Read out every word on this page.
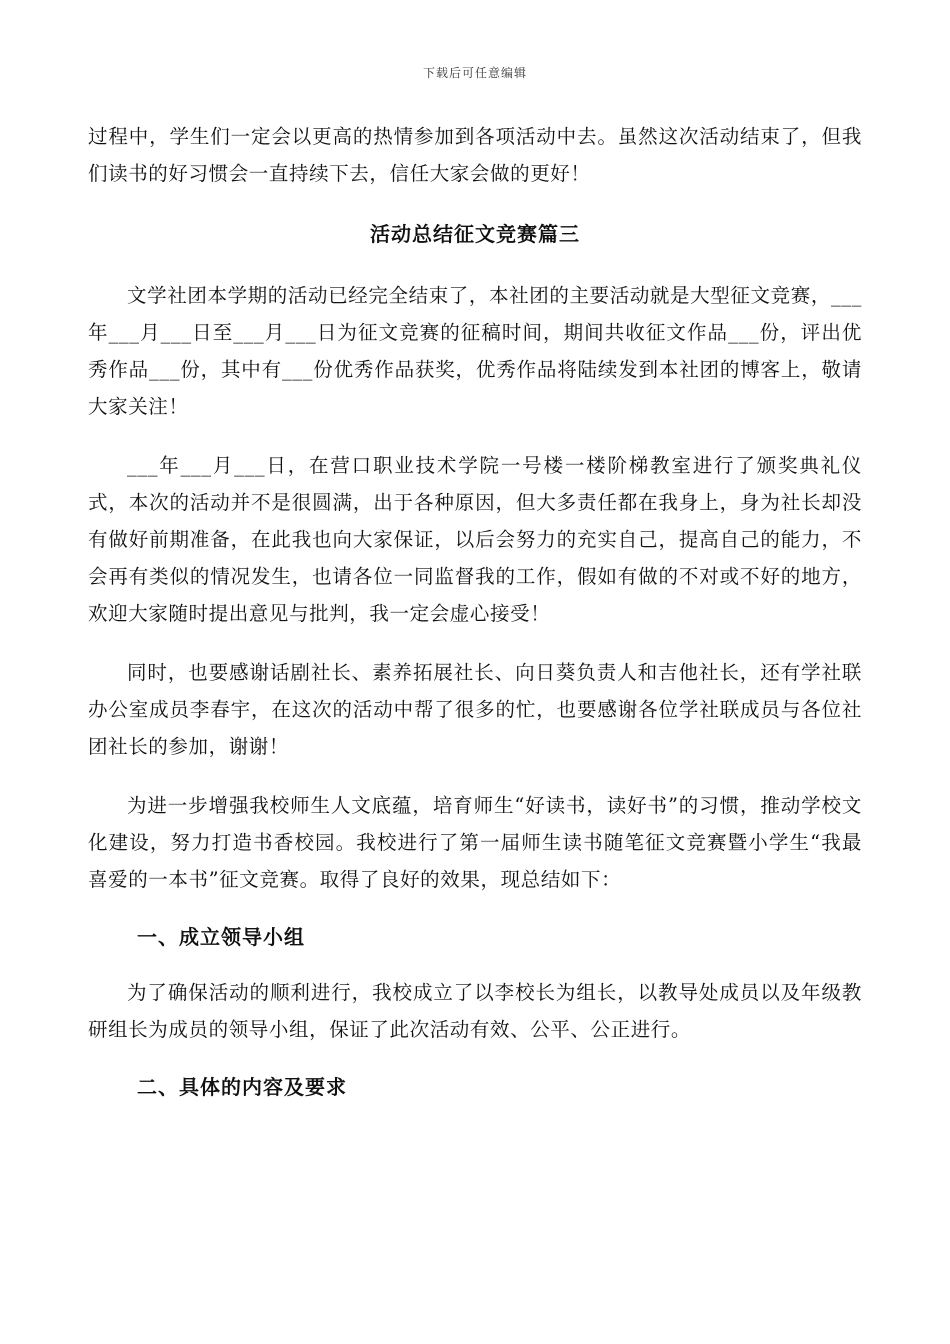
下载后可任意编辑

过程中，学生们一定会以更高的热情参加到各项活动中去。虽然这次活动结束了，但我们读书的好习惯会一直持续下去，信任大家会做的更好！

活动总结征文竞赛篇三

文学社团本学期的活动已经完全结束了，本社团的主要活动就是大型征文竞赛，___年___月___日至___月___日为征文竞赛的征稿时间，期间共收征文作品___份，评出优秀作品___份，其中有___份优秀作品获奖，优秀作品将陆续发到本社团的博客上，敬请大家关注！

___年___月___日，在营口职业技术学院一号楼一楼阶梯教室进行了颁奖典礼仪式，本次的活动并不是很圆满，出于各种原因，但大多责任都在我身上，身为社长却没有做好前期准备，在此我也向大家保证，以后会努力的充实自己，提高自己的能力，不会再有类似的情况发生，也请各位一同监督我的工作，假如有做的不对或不好的地方，欢迎大家随时提出意见与批判，我一定会虚心接受！

同时，也要感谢话剧社长、素养拓展社长、向日葵负责人和吉他社长，还有学社联办公室成员李春宇，在这次的活动中帮了很多的忙，也要感谢各位学社联成员与各位社团社长的参加，谢谢！

为进一步增强我校师生人文底蕴，培育师生“好读书，读好书”的习惯，推动学校文化建设，努力打造书香校园。我校进行了第一届师生读书随笔征文竞赛暨小学生“我最喜爱的一本书”征文竞赛。取得了良好的效果，现总结如下：

一、成立领导小组

为了确保活动的顺利进行，我校成立了以李校长为组长，以教导处成员以及年级教研组长为成员的领导小组，保证了此次活动有效、公平、公正进行。

二、具体的内容及要求
